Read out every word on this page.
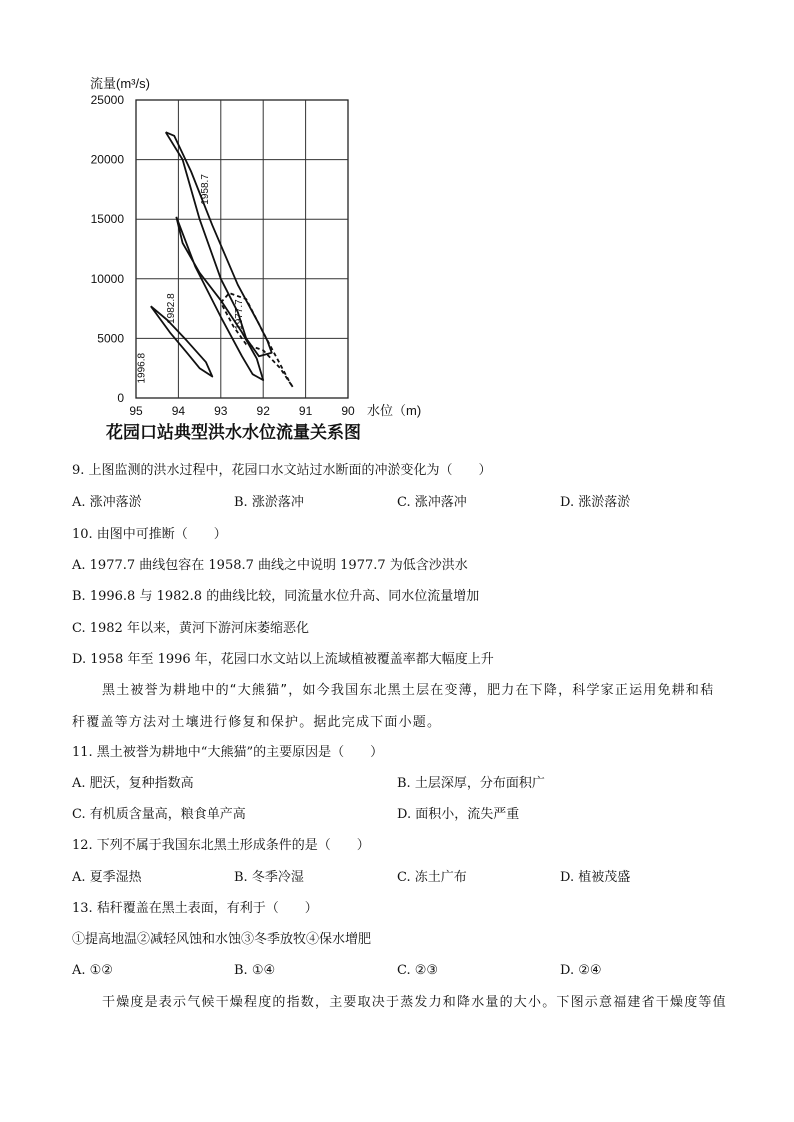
流量(m³/s)
95 94 93 92 91 90
0
5000
10000
15000
20000
25000
1958.7
1977.7
1982.8
1996.8
水位（m)
花园口站典型洪水水位流量关系图
9. 上图监测的洪水过程中，花园口水文站过水断面的冲淤变化为（　　）
A. 涨冲落淤	B. 涨淤落冲	C. 涨冲落冲	D. 涨淤落淤
10. 由图中可推断（　　）
A. 1977.7 曲线包容在 1958.7 曲线之中说明 1977.7 为低含沙洪水
B. 1996.8 与 1982.8 的曲线比较，同流量水位升高、同水位流量增加
C. 1982 年以来，黄河下游河床萎缩恶化
D. 1958 年至 1996 年，花园口水文站以上流域植被覆盖率都大幅度上升
黑土被誉为耕地中的“大熊猫”，如今我国东北黑土层在变薄，肥力在下降，科学家正运用免耕和秸
秆覆盖等方法对土壤进行修复和保护。据此完成下面小题。
11. 黑土被誉为耕地中“大熊猫”的主要原因是（　　）
A. 肥沃，复种指数高	B. 土层深厚，分布面积广
C. 有机质含量高，粮食单产高	D. 面积小，流失严重
12. 下列不属于我国东北黑土形成条件的是（　　）
A. 夏季湿热	B. 冬季冷湿	C. 冻土广布	D. 植被茂盛
13. 秸秆覆盖在黑土表面，有利于（　　）
①提高地温②减轻风蚀和水蚀③冬季放牧④保水增肥
A. ①②	B. ①④	C. ②③	D. ②④
干燥度是表示气候干燥程度的指数，主要取决于蒸发力和降水量的大小。下图示意福建省干燥度等值
